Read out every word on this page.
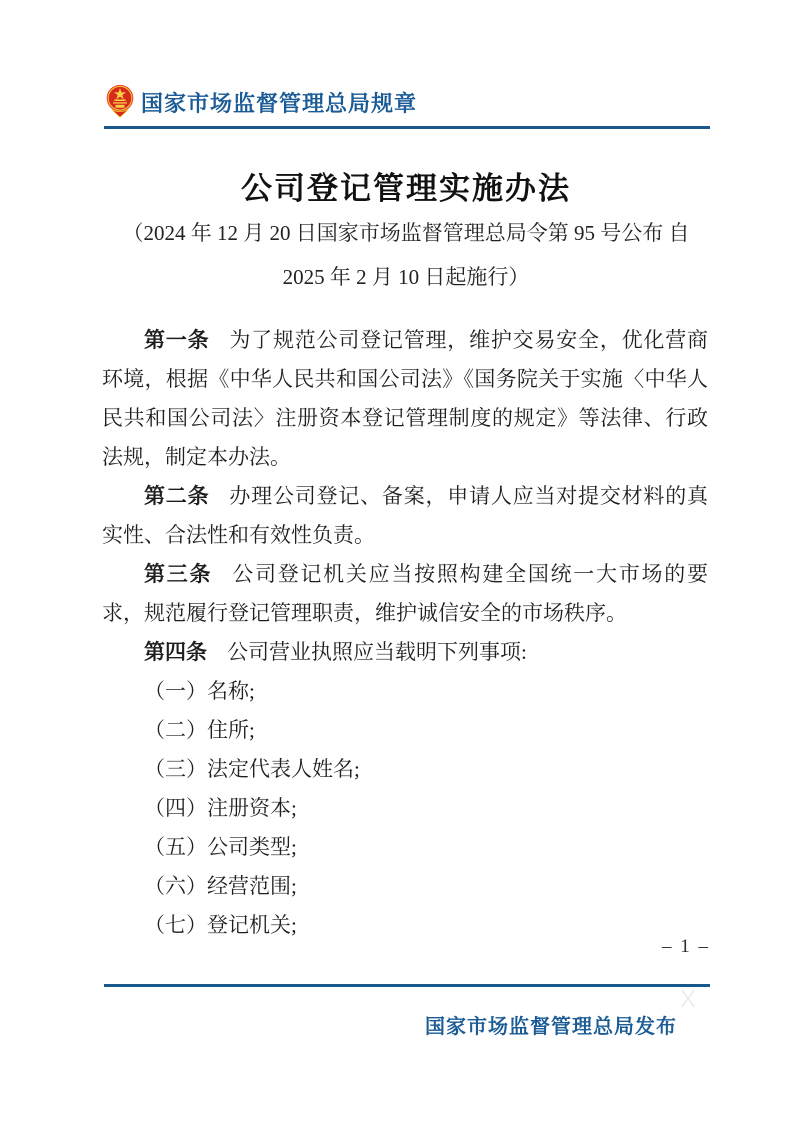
国家市场监督管理总局规章
公司登记管理实施办法
（2024 年 12 月 20 日国家市场监督管理总局令第 95 号公布 自
2025 年 2 月 10 日起施行）

第一条 为了规范公司登记管理，维护交易安全，优化营商环境，根据《中华人民共和国公司法》《国务院关于实施〈中华人民共和国公司法〉注册资本登记管理制度的规定》等法律、行政法规，制定本办法。

第二条 办理公司登记、备案，申请人应当对提交材料的真实性、合法性和有效性负责。

第三条 公司登记机关应当按照构建全国统一大市场的要求，规范履行登记管理职责，维护诚信安全的市场秩序。

第四条 公司营业执照应当载明下列事项:

（一）名称;
（二）住所;
（三）法定代表人姓名;
（四）注册资本;
（五）公司类型;
（六）经营范围;
（七）登记机关;
– 1 –
X
国家市场监督管理总局发布
